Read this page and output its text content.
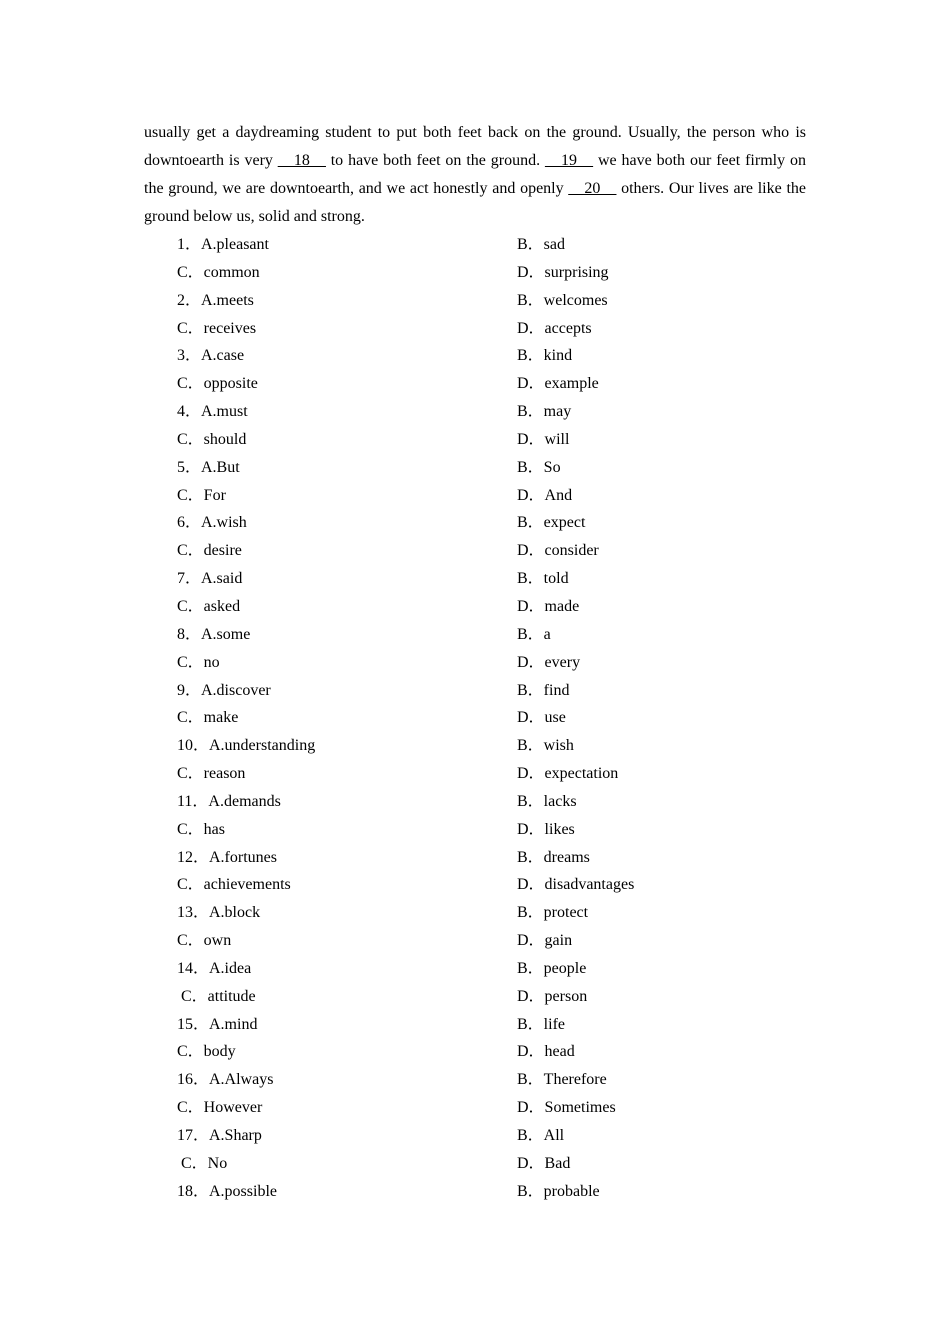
usually get a daydreaming student to put both feet back on the ground. Usually, the person who is downtoearth is very __18__ to have both feet on the ground. __19__ we have both our feet firmly on the ground, we are downtoearth, and we act honestly and openly __20__ others. Our lives are like the ground below us, solid and strong.

1．A.pleasant	B．sad
C．common	D．surprising
2．A.meets	B．welcomes
C．receives	D．accepts
3．A.case	B．kind
C．opposite	D．example
4．A.must	B．may
C．should	D．will
5．A.But	B．So
C．For	D．And
6．A.wish	B．expect
C．desire	D．consider
7．A.said	B．told
C．asked	D．made
8．A.some	B．a
C．no	D．every
9．A.discover	B．find
C．make	D．use
10．A.understanding	B．wish
C．reason	D．expectation
11．A.demands	B．lacks
C．has	D．likes
12．A.fortunes	B．dreams
C．achievements	D．disadvantages
13．A.block	B．protect
C．own	D．gain
14．A.idea	B．people
C．attitude	D．person
15．A.mind	B．life
C．body	D．head
16．A.Always	B．Therefore
C．However	D．Sometimes
17．A.Sharp	B．All
C．No	D．Bad
18．A.possible	B．probable
